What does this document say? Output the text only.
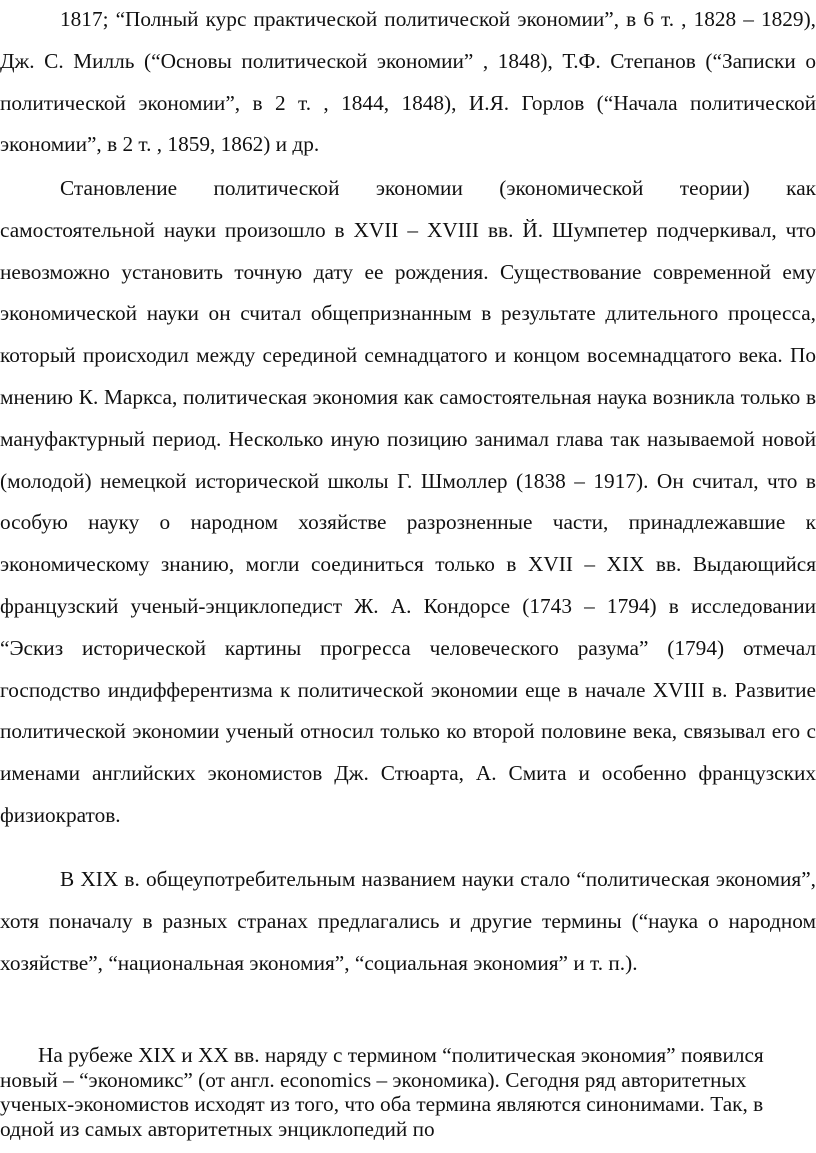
1817; “Полный курс практической политической экономии”, в 6 т. , 1828 – 1829), Дж. С. Милль (“Основы политической экономии” , 1848), Т.Ф. Степанов (“Записки о политической экономии”, в 2 т. , 1844, 1848), И.Я. Горлов (“Начала политической экономии”, в 2 т. , 1859, 1862) и др.

Становление политической экономии (экономической теории) как самостоятельной науки произошло в XVII – XVIII вв. Й. Шумпетер подчеркивал, что невозможно установить точную дату ее рождения. Существование современной ему экономической науки он считал общепризнанным в результате длительного процесса, который происходил между серединой семнадцатого и концом восемнадцатого века. По мнению К. Маркса, политическая экономия как самостоятельная наука возникла только в мануфактурный период. Несколько иную позицию занимал глава так называемой новой (молодой) немецкой исторической школы Г. Шмоллер (1838 – 1917). Он считал, что в особую науку о народном хозяйстве разрозненные части, принадлежавшие к экономическому знанию, могли соединиться только в XVII – XIX вв. Выдающийся французский ученый-энциклопедист Ж. А. Кондорсе (1743 – 1794) в исследовании “Эскиз исторической картины прогресса человеческого разума” (1794) отмечал господство индифферентизма к политической экономии еще в начале XVIII в. Развитие политической экономии ученый относил только ко второй половине века, связывал его с именами английских экономистов Дж. Стюарта, А. Смита и особенно французских физиократов.

В XIX в. общеупотребительным названием науки стало “политическая экономия”, хотя поначалу в разных странах предлагались и другие термины (“наука о народном хозяйстве”, “национальная экономия”, “социальная экономия” и т. п.).

На рубеже XIX и XX вв. наряду с термином “политическая экономия” появился новый – “экономикс” (от англ. economics – экономика). Сегодня ряд авторитетных ученых-экономистов исходят из того, что оба термина являются синонимами. Так, в одной из самых авторитетных энциклопедий по
